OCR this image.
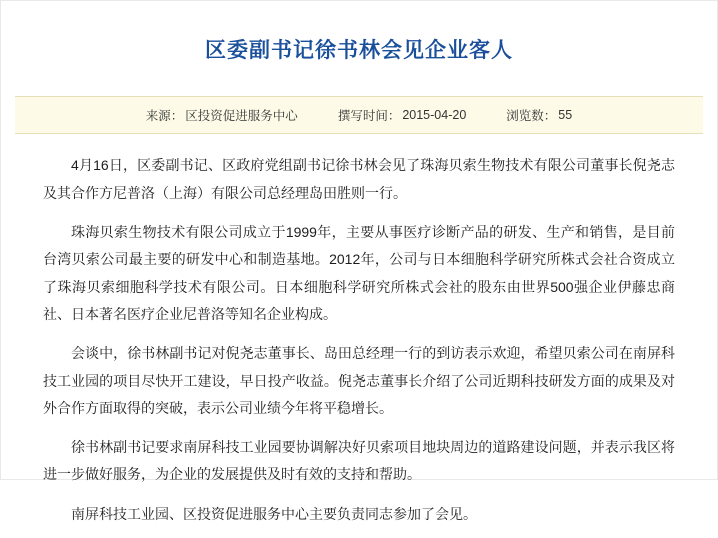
区委副书记徐书林会见企业客人
来源： 区投资促进服务中心	撰写时间： 2015-04-20	浏览数： 55

4月16日，区委副书记、区政府党组副书记徐书林会见了珠海贝索生物技术有限公司董事长倪尧志及其合作方尼普洛（上海）有限公司总经理岛田胜则一行。

珠海贝索生物技术有限公司成立于1999年，主要从事医疗诊断产品的研发、生产和销售，是目前台湾贝索公司最主要的研发中心和制造基地。2012年，公司与日本细胞科学研究所株式会社合资成立了珠海贝索细胞科学技术有限公司。日本细胞科学研究所株式会社的股东由世界500强企业伊藤忠商社、日本著名医疗企业尼普洛等知名企业构成。

会谈中，徐书林副书记对倪尧志董事长、岛田总经理一行的到访表示欢迎，希望贝索公司在南屏科技工业园的项目尽快开工建设，早日投产收益。倪尧志董事长介绍了公司近期科技研发方面的成果及对外合作方面取得的突破，表示公司业绩今年将平稳增长。

徐书林副书记要求南屏科技工业园要协调解决好贝索项目地块周边的道路建设问题，并表示我区将进一步做好服务，为企业的发展提供及时有效的支持和帮助。

南屏科技工业园、区投资促进服务中心主要负责同志参加了会见。
